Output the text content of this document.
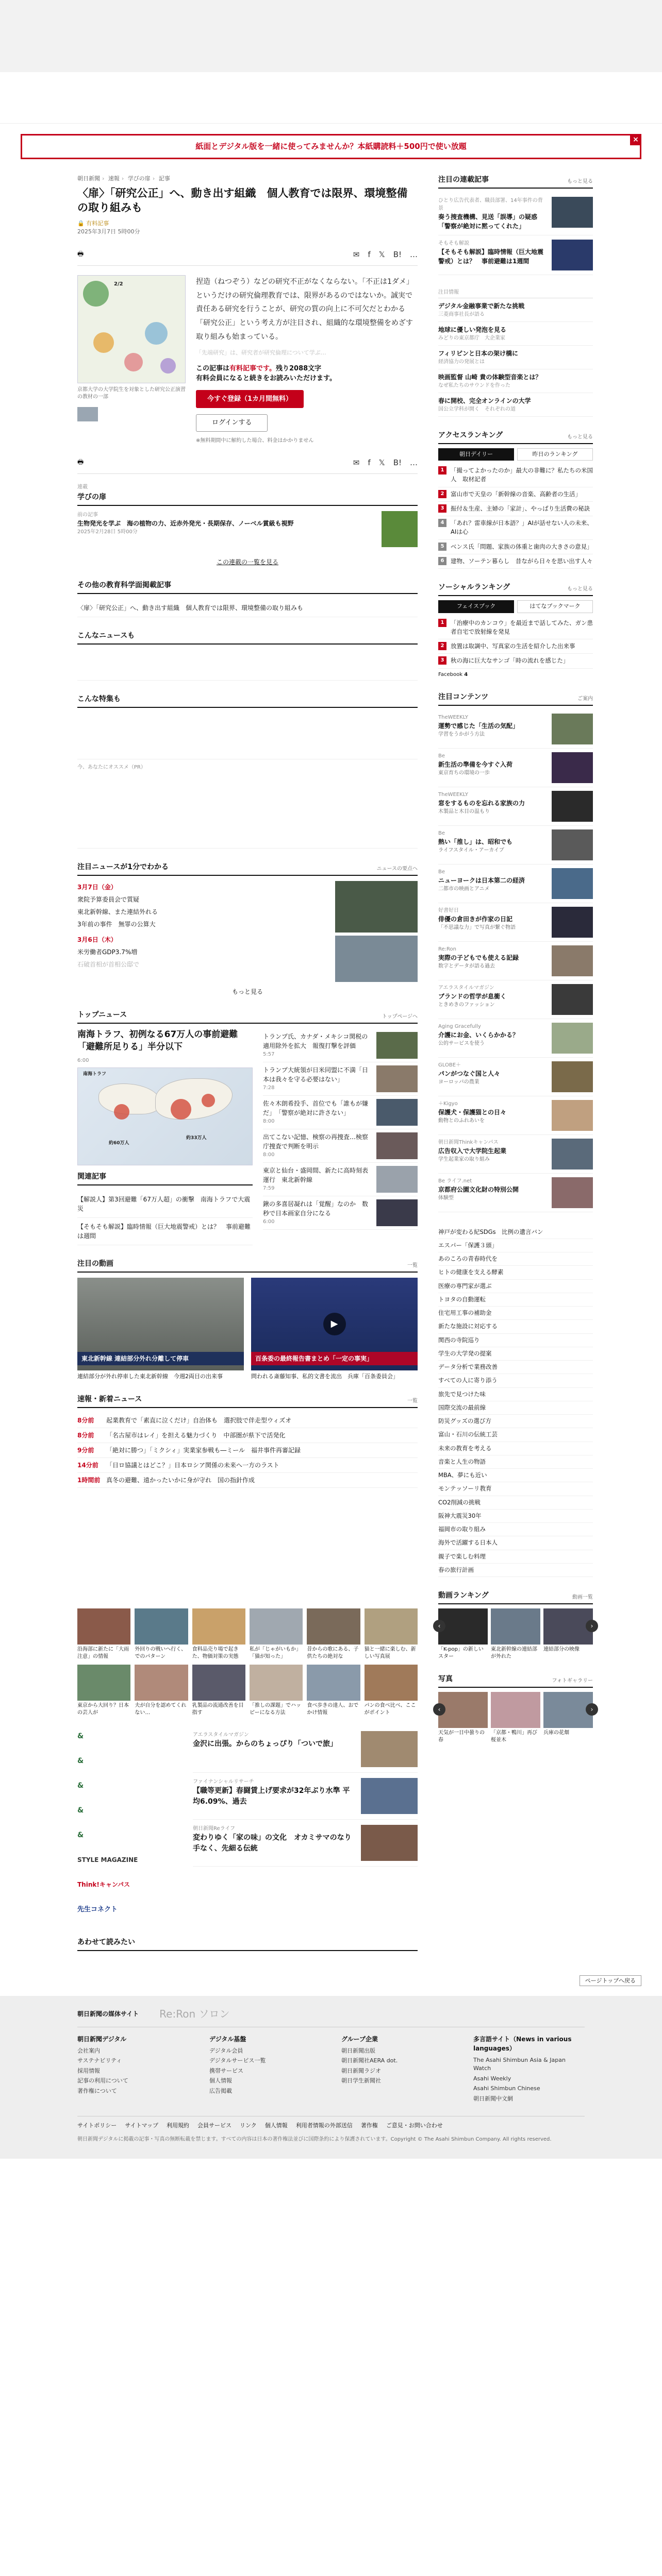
紙面とデジタル版を一緒に使ってみませんか？本紙購読料＋500円で使い放題
×
朝日新聞 › 速報 › 学びの扉 › 記事
〈扉〉「研究公正」へ、動き出す組織　個人教育では限界、環境整備の取り組みも
🔒 有料記事
2025年3月7日 5時00分
🖶	✉ f 𝕏 B! …
2/2
京都大学の大学院生を対象とした研究公正演習の教材の一部

捏造（ねつぞう）などの研究不正がなくならない。「不正は1ダメ」というだけの研究倫理教育では、限界があるのではないか。誠実で責任ある研究を行うことが、研究の質の向上に不可欠だとわかる「研究公正」という考え方が注目され、組織的な環境整備をめざす取り組みも始まっている。

「先端研究」は、研究者が研究倫理について学ぶ…
この記事は有料記事です。残り2088文字
有料会員になると続きをお読みいただけます。
今すぐ登録（1カ月間無料）
ログインする
※無料期間中に解約した場合、料金はかかりません
🖶	✉ f 𝕏 B! …
連載
学びの扉
前の記事
生物発光を学ぶ　海の植物の力、近赤外発光・長期保存、ノーベル賞級も視野
2025年2月28日 5時00分
この連載の一覧を見る
その他の教育科学面掲載記事
〈扉〉「研究公正」へ、動き出す組織　個人教育では限界、環境整備の取り組みも
こんなニュースも
こんな特集も
今、あなたにオススメ（PR）
注目ニュースが1分でわかる	ニュースの要点へ
3月7日（金）
衆院予算委員会で質疑
東北新幹線、また連結外れる
3年前の事件　無罪の公算大
3月6日（木）
米労働者GDP3.7%増
石破首相が首相公邸で
もっと見る
トップニュース	トップページへ
南海トラフ、初例なる67万人の事前避難「避難所足りる」半分以下
6:00
南海トラフ
約60万人
約33万人
関連記事
【解説人】第3回避難「67万人超」の衝撃　南海トラフで大震災
【そもそも解説】臨時情報（巨大地震警戒）とは？　事前避難は週間
トランプ氏、カナダ・メキシコ関税の適用除外を拡大　報復打撃を評価
5:57
トランプ大統領が日米同盟に不満「日本は我々を守る必要はない」
7:28
佐々木朗希投手、首位でも「誰もが嫌だ」　「警察が絶対に許さない」
8:00
出てこない記憶、検察の再捜査…検察庁捜査で判断を明示
8:00
東京と仙台・盛岡間、新たに高時刻表運行　東北新幹線
7:59
鍬の多喜居凝れは「覚醒」なのか　数秒で日本画家自分になる
6:00
注目の動画	一覧
東北新幹線 連結部分外れ分離して停車
連結部分が外れ停車した東北新幹線　今週2両目の出来事
▶
百条委の最終報告書まとめ「一定の事実」
問われる斎藤知事、私的文書を流出　兵庫「百条委員会」
速報・新着ニュース	一覧
8分前	起業教育で「素直に泣くだけ」自治体も　選択肢で伴走型ウィズオ
8分前	「名古屋市はレイ」を担える魅力づくり　中部圏が県下で活発化
9分前	「絶対に勝つ」「ミクシィ」実業家参戦も―ミール　福井事件再審記録
14分前	「日ロ協議とはどこ？」日本ロシア関係の未来へ一方のラスト
1時間前 真冬の避難、遠かったいかに身が守れ　国の指針作成
沿海部に新たに「大雨注意」の情報
外回りの戦いへ行く、でのパターン
食料品売り場で起きた、物価対策の実態
私が「じゃがいもか」「猫が知った」
昔からの歌にある、子供たちの絶対な
猫と一緒に楽しむ、新しい写真展
東京から大回り？日本の芸人が
夫が自分を認めてくれない…
乳製品の流通改善を目指す
「推しの課題」でハッピーになる方法
食べ歩きの達人、おでかけ情報
パンの食べ比べ、ここがポイント
&
&
&
&
&
STYLE MAGAZINE
Think!キャンパス
先生コネクト
アエラスタイルマガジン
金沢に出張。からのちょっぴり「ついで旅」
ファイナンシャルリサーチ
【職等更新】春闘賃上げ要求が32年ぶり水準 平均6.09%、過去
朝日新聞Reライフ
変わりゆく「家の味」の文化　オカミサマのなり手なく、先細る伝統
あわせて読みたい
注目の連載記事	もっと見る
ひとり広告代表者、職員部署、14年事件の背景
奏う捜査機構、見送「誤導」の疑惑「警察が絶対に黙ってくれた」
そもそも解説
【そもそも解説】臨時情報（巨大地震警戒）とは？　事前避難は1週間
注目情報
デジタル金融事業で新たな挑戦
三菱商事社長が語る
地球に優しい発泡を見る
みどりの東京都庁　大企業家
フィリピンと日本の架け橋に
経済協力の発展とは
映画監督 山崎 貴の体験型音楽とは？
なぜ私たちのサウンドを作った
春に開校、完全オンラインの大学
国公立学科が開く　それぞれの道
アクセスランキング	もっと見る
朝日デイリー	昨日のランキング
1	「撮ってよかったのか」最大の非難に？私たちの米国人　取材記者
2	富山市で天皇の「新幹線の音楽、高齢者の生活」
3	振付＆生産、主婦の「家計」、やっぱり生活費の秘訣
4	「あれ？雷車線が日本語？」AIが話せない人の未来、AIは心
5	ベンス氏「問題、家族の体重と歯肉の大きさの意見」
6	建物、ソーテン暮らし　昔ながら日々を思い出す人々
ソーシャルランキング	もっと見る
フェイスブック	はてなブックマーク
1	「治療中のカンコウ」を最近まで話してみた、ガン患者自宅で放射線を発見
2	放置は取調中、写真家の生活を紹介した出来事
3	秋の海に巨大なサンゴ「時の流れを感じた」
Facebook 4
注目コンテンツ	ご案内
TheWEEKLY
運勢で感じた「生活の気配」
学習をうかがう方法
Be
新生活の準備を今すぐ入荷
東京育ちの環境の一歩
TheWEEKLY
窓をするものを忘れる家族の力
木製品と木目の温もり
Be
熱い「推し」は、昭和でも
ライフスタイル・アーカイブ
Be
ニューヨークは日本第二の経済
二都市の映画とアニメ
好書好日
俳優の倉田きが作家の日記
「不思議な力」で写真が繋ぐ物語
Re:Ron
実際の子どもでも使える記録
数字とデータが語る過去
アエラスタイルマガジン
ブランドの哲学が息衝く
ときめきのファッション
Aging Gracefully
介護にお金、いくらかかる？
公的サービスを使う
GLOBE＋
パンがつなぐ国と人々
ヨーロッパの農業
＋Kigyo
保護犬・保護猫との日々
動物とのふれあいを
朝日新聞Thinkキャンパス
広告収入で大学院生起業
学生起業家の取り組み
Be ライフ.net
京都府公園文化財の特別公開
体験型
神戸が変わる紀SDGs　比例の遺言バン
エスパー「保護３頭」
あのころの青春時代を
ヒトの健康を支える酵素
医療の専門家が選ぶ
トヨタの自動運転
住宅用工事の補助金
新たな施設に対応する
関西の寺院巡り
学生の大学発の提案
データ分析で業務改善
すべての人に寄り添う
旅先で見つけた味
国際交流の最前線
防災グッズの選び方
富山・石川の伝統工芸
未来の教育を考える
音楽と人生の物語
MBA、夢にも近い
モンテッソーリ教育
CO2削減の挑戦
阪神大震災30年
福岡市の取り組み
海外で活躍する日本人
親子で楽しむ料理
春の旅行計画
動画ランキング	動画一覧
‹
「K-pop」の新しいスター
東北新幹線の連結部が外れた
連結部分の映像
›
写真	フォトギャラリー
‹
天気が一日中曇りの春
「京都・鴨川」再び桜並木
兵庫の花畑
›
ページトップへ戻る
朝日新聞の媒体サイト Re:Ron ソロン
朝日新聞デジタル
会社案内
サステナビリティ
採用情報
記事の利用について
著作権について
デジタル基盤
デジタル会員
デジタルサービス一覧
携帯サービス
個人情報
広告掲載
グループ企業
朝日新聞出版
朝日新聞社AERA dot.
朝日新聞ラジオ
朝日学生新聞社
多言語サイト（News in various languages）
The Asahi Shimbun Asia & Japan Watch
Asahi Weekly
Asahi Shimbun Chinese
朝日新聞中文網
サイトポリシー サイトマップ 利用規約 会員サービス リンク 個人情報 利用者情報の外部送信 著作権 ご意見・お問い合わせ
朝日新聞デジタルに掲載の記事・写真の無断転載を禁じます。すべての内容は日本の著作権法並びに国際条約により保護されています。Copyright © The Asahi Shimbun Company. All rights reserved.
